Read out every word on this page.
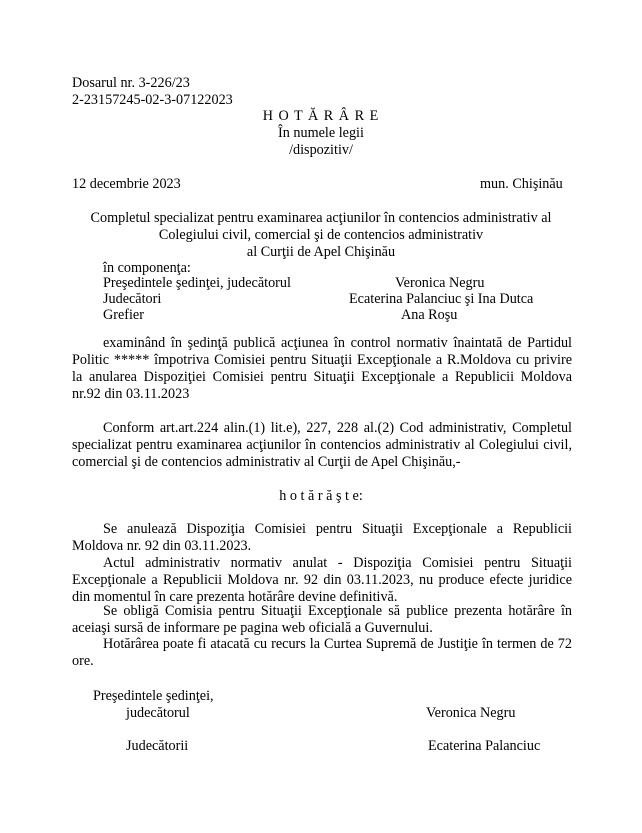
Dosarul nr. 3-226/23
2-23157245-02-3-07122023
H O T Ă R Â R E
În numele legii
/dispozitiv/
12 decembrie 2023	mun. Chişinău
Completul specializat pentru examinarea acţiunilor în contencios administrativ al
Colegiului civil, comercial şi de contencios administrativ
al Curţii de Apel Chişinău
în componenţa:
Preşedintele şedinţei, judecătorul	Veronica Negru
Judecători	Ecaterina Palanciuc şi Ina Dutca
Grefier	Ana Roşu
examinând în şedinţă publică acţiunea în control normativ înaintată de Partidul Politic ***** împotriva Comisiei pentru Situaţii Excepţionale a R.Moldova cu privire la anularea Dispoziţiei Comisiei pentru Situaţii Excepţionale a Republicii Moldova nr.92 din 03.11.2023
Conform art.art.224 alin.(1) lit.e), 227, 228 al.(2) Cod administrativ, Completul specializat pentru examinarea acţiunilor în contencios administrativ al Colegiului civil, comercial şi de contencios administrativ al Curţii de Apel Chişinău,-
h o t ă r ă ş t e:
Se anulează Dispoziţia Comisiei pentru Situaţii Excepţionale a Republicii Moldova nr. 92 din 03.11.2023.
Actul administrativ normativ anulat - Dispoziţia Comisiei pentru Situaţii Excepţionale a Republicii Moldova nr. 92 din 03.11.2023, nu produce efecte juridice din momentul în care prezenta hotărâre devine definitivă.
Se obligă Comisia pentru Situaţii Excepţionale să publice prezenta hotărâre în aceiaşi sursă de informare pe pagina web oficială a Guvernului.
Hotărârea poate fi atacată cu recurs la Curtea Supremă de Justiţie în termen de 72 ore.
Preşedintele şedinţei,
judecătorul	Veronica Negru
Judecătorii	Ecaterina Palanciuc
